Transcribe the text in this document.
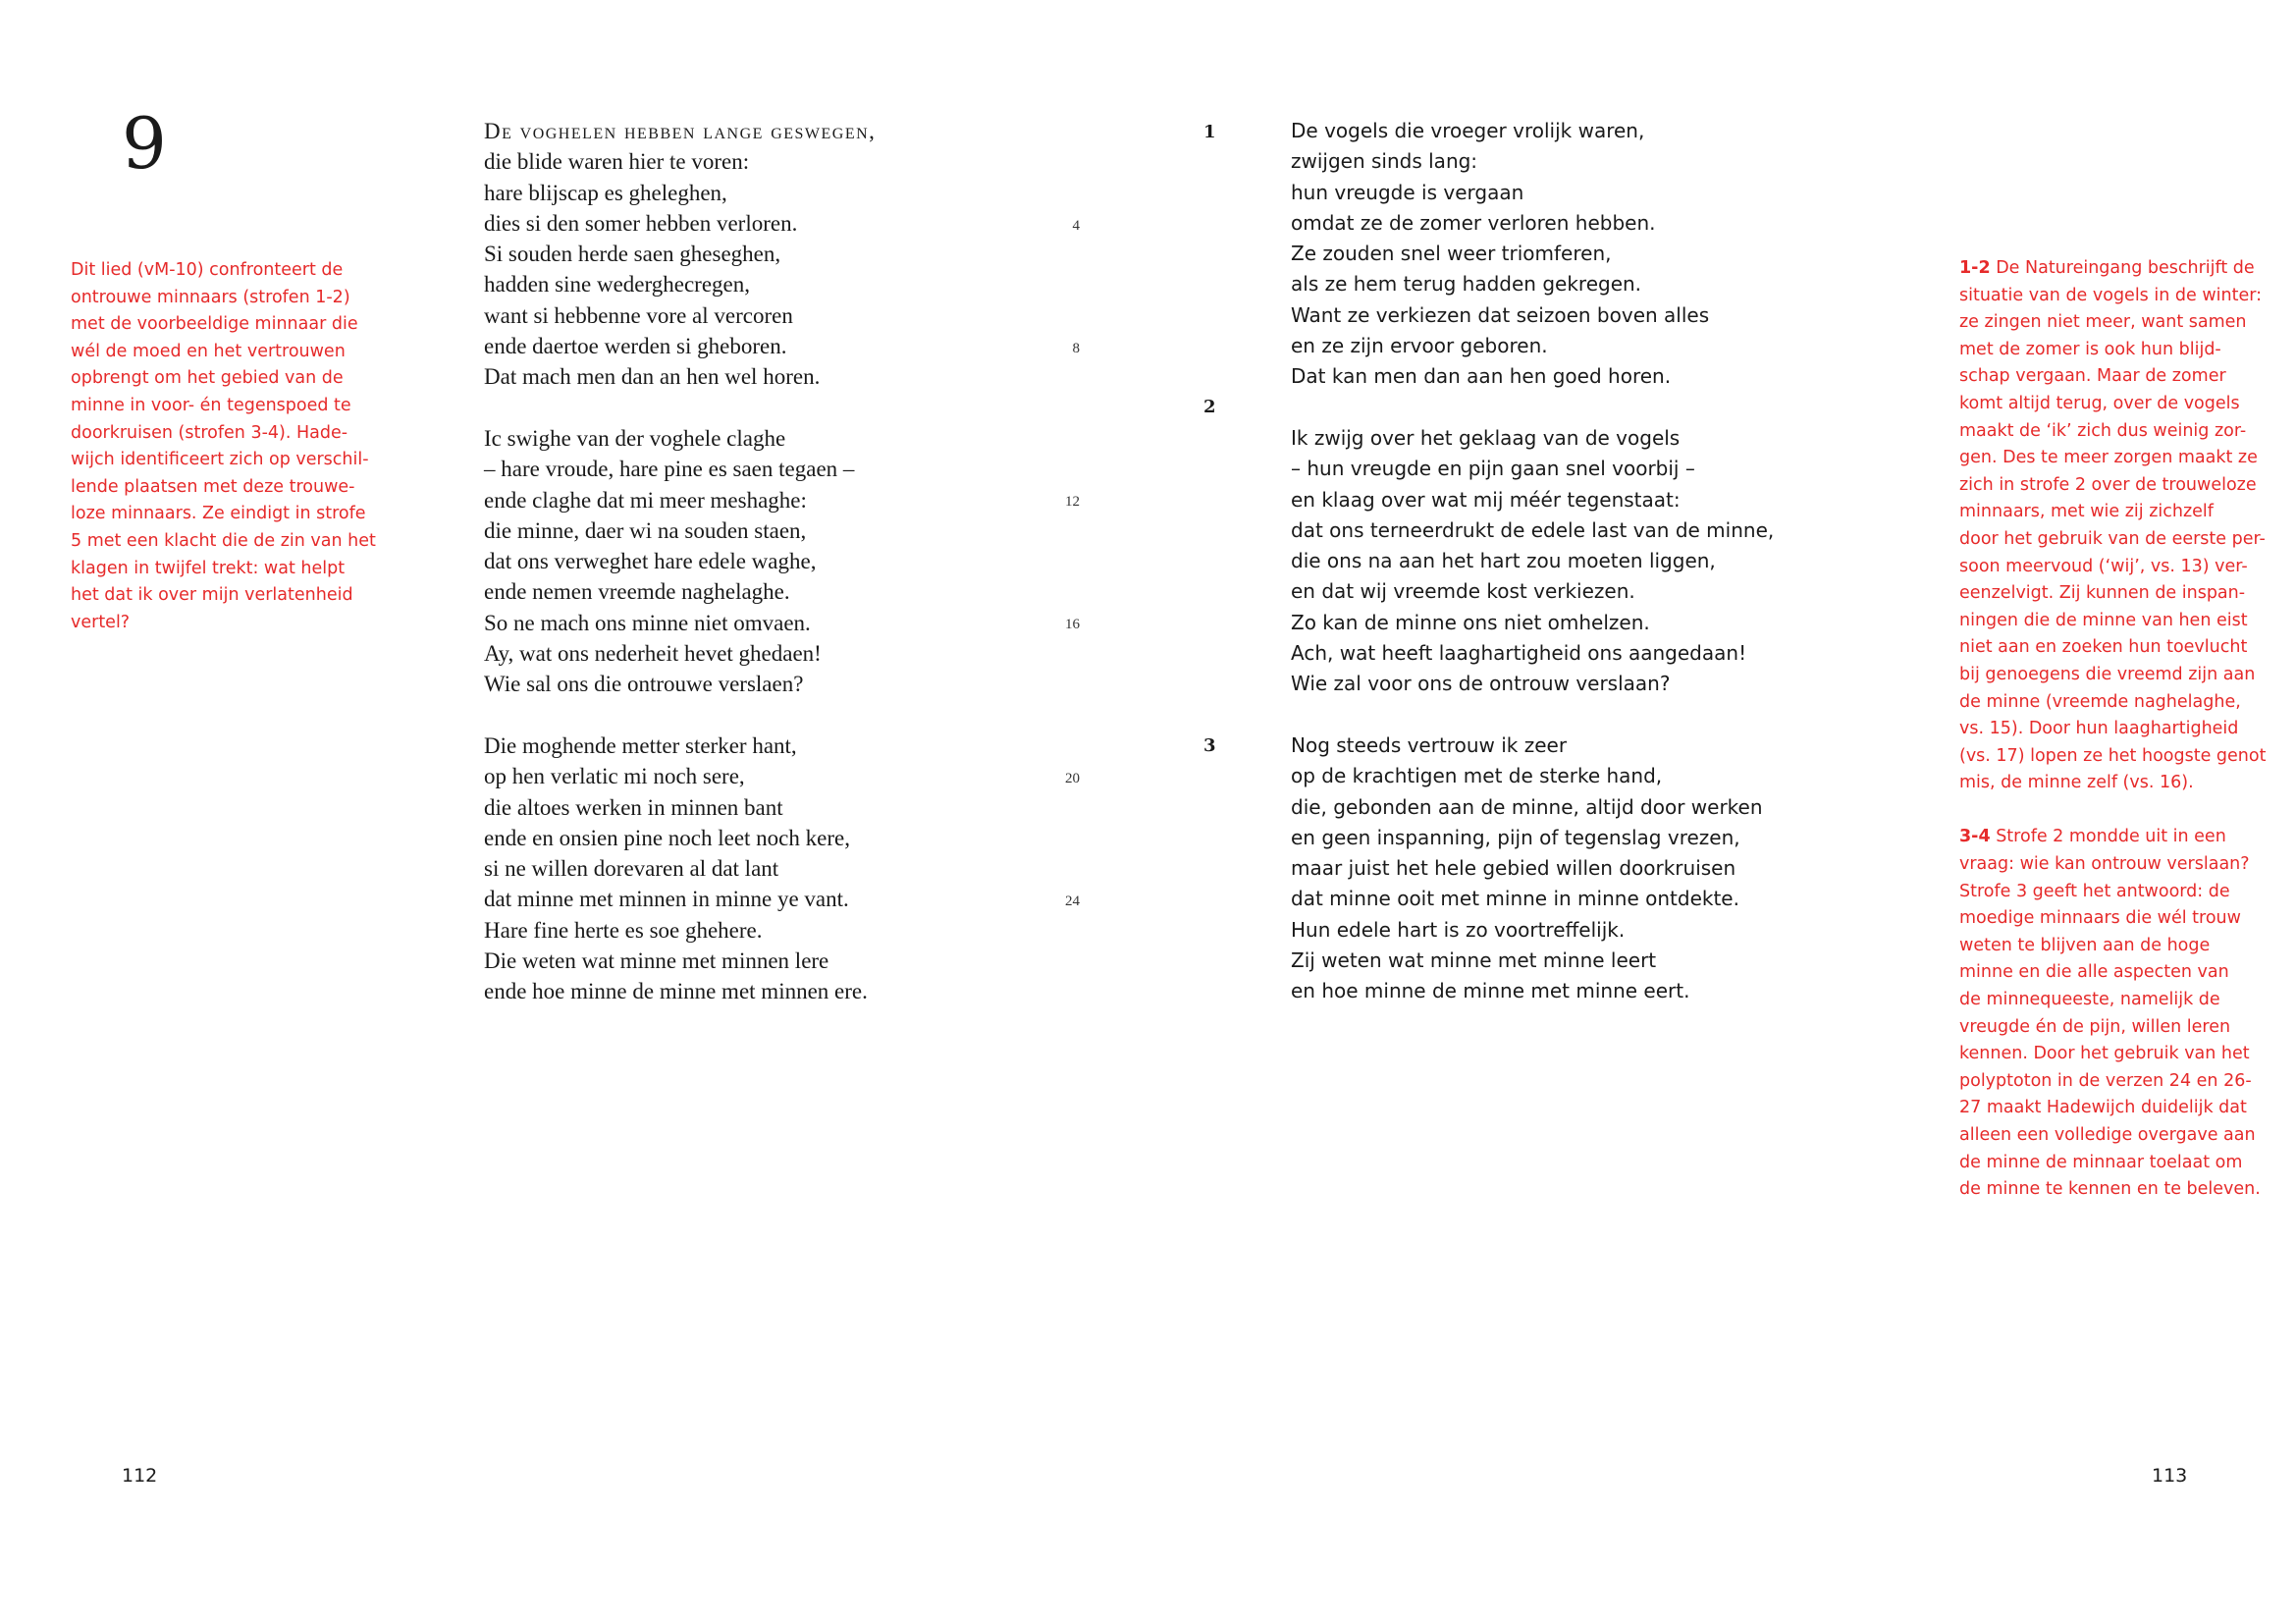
9
Dit lied (vM-10) confronteert de
ontrouwe minnaars (strofen 1-2)
met de voorbeeldige minnaar die
wél de moed en het vertrouwen
opbrengt om het gebied van de
minne in voor- én tegenspoed te
doorkruisen (strofen 3-4). Hade-
wijch identificeert zich op verschil-
lende plaatsen met deze trouwe-
loze minnaars. Ze eindigt in strofe
5 met een klacht die de zin van het
klagen in twijfel trekt: wat helpt
het dat ik over mijn verlatenheid
vertel?
De voghelen hebben lange geswegen,
die blide waren hier te voren:
hare blijscap es gheleghen,
dies si den somer hebben verloren.
Si souden herde saen gheseghen,
hadden sine wederghecregen,
want si hebbenne vore al vercoren
ende daertoe werden si gheboren.
Dat mach men dan an hen wel horen.
Ic swighe van der voghele claghe
– hare vroude, hare pine es saen tegaen –
ende claghe dat mi meer meshaghe:
die minne, daer wi na souden staen,
dat ons verweghet hare edele waghe,
ende nemen vreemde naghelaghe.
So ne mach ons minne niet omvaen.
Ay, wat ons nederheit hevet ghedaen!
Wie sal ons die ontrouwe verslaen?
Die moghende metter sterker hant,
op hen verlatic mi noch sere,
die altoes werken in minnen bant
ende en onsien pine noch leet noch kere,
si ne willen dorevaren al dat lant
dat minne met minnen in minne ye vant.
Hare fine herte es soe ghehere.
Die weten wat minne met minnen lere
ende hoe minne de minne met minnen ere.
4
8
12
16
20
24
1
2
3
De vogels die vroeger vrolijk waren,
zwijgen sinds lang:
hun vreugde is vergaan
omdat ze de zomer verloren hebben.
Ze zouden snel weer triomferen,
als ze hem terug hadden gekregen.
Want ze verkiezen dat seizoen boven alles
en ze zijn ervoor geboren.
Dat kan men dan aan hen goed horen.
Ik zwijg over het geklaag van de vogels
– hun vreugde en pijn gaan snel voorbij –
en klaag over wat mij méér tegenstaat:
dat ons terneerdrukt de edele last van de minne,
die ons na aan het hart zou moeten liggen,
en dat wij vreemde kost verkiezen.
Zo kan de minne ons niet omhelzen.
Ach, wat heeft laaghartigheid ons aangedaan!
Wie zal voor ons de ontrouw verslaan?
Nog steeds vertrouw ik zeer
op de krachtigen met de sterke hand,
die, gebonden aan de minne, altijd door werken
en geen inspanning, pijn of tegenslag vrezen,
maar juist het hele gebied willen doorkruisen
dat minne ooit met minne in minne ontdekte.
Hun edele hart is zo voortreffelijk.
Zij weten wat minne met minne leert
en hoe minne de minne met minne eert.
1-2 De Natureingang beschrijft de
situatie van de vogels in de winter:
ze zingen niet meer, want samen
met de zomer is ook hun blijd-
schap vergaan. Maar de zomer
komt altijd terug, over de vogels
maakt de ‘ik’ zich dus weinig zor-
gen. Des te meer zorgen maakt ze
zich in strofe 2 over de trouweloze
minnaars, met wie zij zichzelf
door het gebruik van de eerste per-
soon meervoud (‘wij’, vs. 13) ver-
eenzelvigt. Zij kunnen de inspan-
ningen die de minne van hen eist
niet aan en zoeken hun toevlucht
bij genoegens die vreemd zijn aan
de minne (vreemde naghelaghe,
vs. 15). Door hun laaghartigheid
(vs. 17) lopen ze het hoogste genot
mis, de minne zelf (vs. 16).
3-4 Strofe 2 mondde uit in een
vraag: wie kan ontrouw verslaan?
Strofe 3 geeft het antwoord: de
moedige minnaars die wél trouw
weten te blijven aan de hoge
minne en die alle aspecten van
de minnequeeste, namelijk de
vreugde én de pijn, willen leren
kennen. Door het gebruik van het
polyptoton in de verzen 24 en 26-
27 maakt Hadewijch duidelijk dat
alleen een volledige overgave aan
de minne de minnaar toelaat om
de minne te kennen en te beleven.
112	113
